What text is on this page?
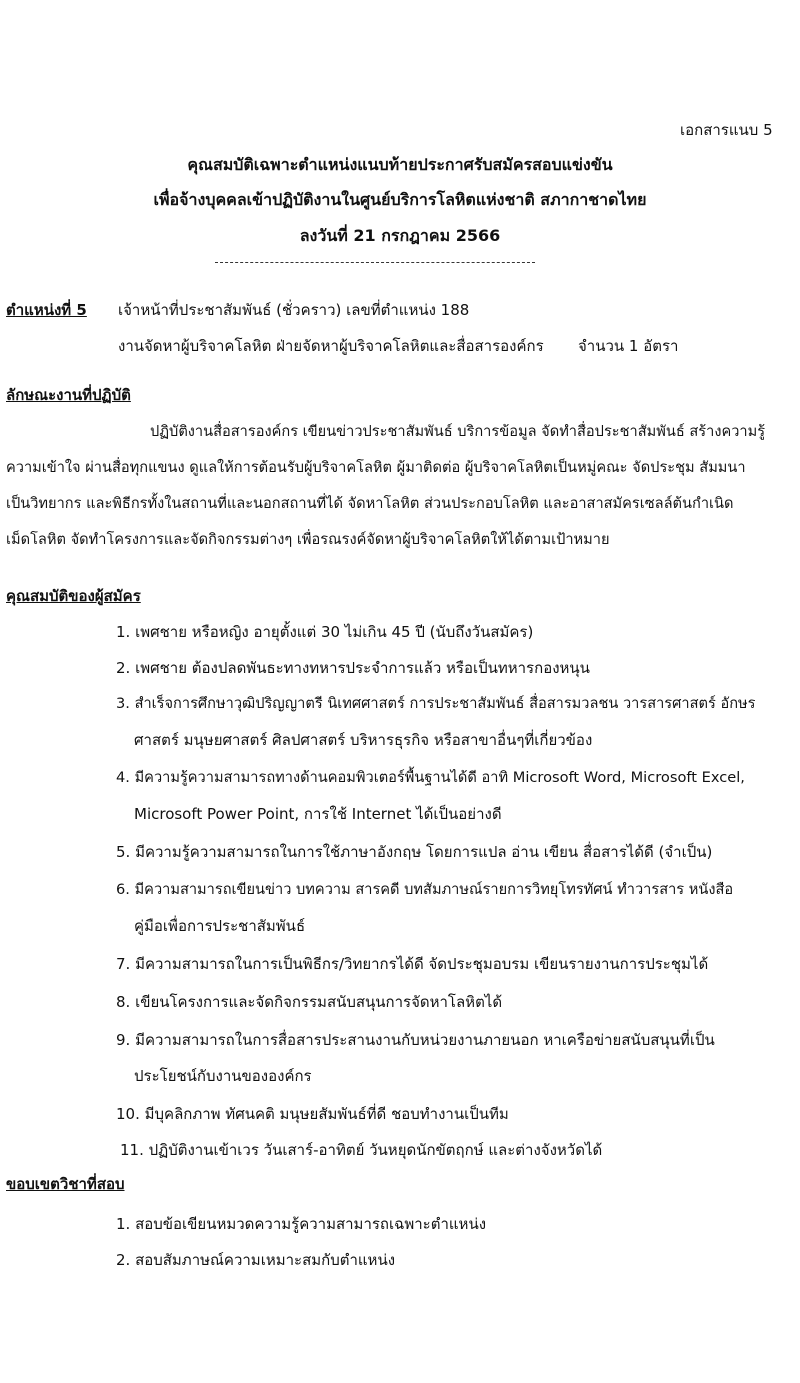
เอกสารแนบ 5
คุณสมบัติเฉพาะตำแหน่งแนบท้ายประกาศรับสมัครสอบแข่งขัน
เพื่อจ้างบุคคลเข้าปฏิบัติงานในศูนย์บริการโลหิตแห่งชาติ สภากาชาดไทย
ลงวันที่ 21 กรกฎาคม 2566
ตำแหน่งที่ 5 เจ้าหน้าที่ประชาสัมพันธ์ (ชั่วคราว) เลขที่ตำแหน่ง 188
งานจัดหาผู้บริจาคโลหิต ฝ่ายจัดหาผู้บริจาคโลหิตและสื่อสารองค์กร จำนวน 1 อัตรา
ลักษณะงานที่ปฏิบัติ
ปฏิบัติงานสื่อสารองค์กร เขียนข่าวประชาสัมพันธ์ บริการข้อมูล จัดทำสื่อประชาสัมพันธ์ สร้างความรู้
ความเข้าใจ ผ่านสื่อทุกแขนง ดูแลให้การต้อนรับผู้บริจาคโลหิต ผู้มาติดต่อ ผู้บริจาคโลหิตเป็นหมู่คณะ จัดประชุม สัมมนา
เป็นวิทยากร และพิธีกรทั้งในสถานที่และนอกสถานที่ได้ จัดหาโลหิต ส่วนประกอบโลหิต และอาสาสมัครเซลล์ต้นกำเนิด
เม็ดโลหิต จัดทำโครงการและจัดกิจกรรมต่างๆ เพื่อรณรงค์จัดหาผู้บริจาคโลหิตให้ได้ตามเป้าหมาย
คุณสมบัติของผู้สมัคร
1. เพศชาย หรือหญิง อายุตั้งแต่ 30 ไม่เกิน 45 ปี (นับถึงวันสมัคร)
2. เพศชาย ต้องปลดพันธะทางทหารประจำการแล้ว หรือเป็นทหารกองหนุน
3. สำเร็จการศึกษาวุฒิปริญญาตรี นิเทศศาสตร์ การประชาสัมพันธ์ สื่อสารมวลชน วารสารศาสตร์ อักษร
ศาสตร์ มนุษยศาสตร์ ศิลปศาสตร์ บริหารธุรกิจ หรือสาขาอื่นๆที่เกี่ยวข้อง
4. มีความรู้ความสามารถทางด้านคอมพิวเตอร์พื้นฐานได้ดี อาทิ Microsoft Word, Microsoft Excel,
Microsoft Power Point, การใช้ Internet ได้เป็นอย่างดี
5. มีความรู้ความสามารถในการใช้ภาษาอังกฤษ โดยการแปล อ่าน เขียน สื่อสารได้ดี (จำเป็น)
6. มีความสามารถเขียนข่าว บทความ สารคดี บทสัมภาษณ์รายการวิทยุโทรทัศน์ ทำวารสาร หนังสือ
คู่มือเพื่อการประชาสัมพันธ์
7. มีความสามารถในการเป็นพิธีกร/วิทยากรได้ดี จัดประชุมอบรม เขียนรายงานการประชุมได้
8. เขียนโครงการและจัดกิจกรรมสนับสนุนการจัดหาโลหิตได้
9. มีความสามารถในการสื่อสารประสานงานกับหน่วยงานภายนอก หาเครือข่ายสนับสนุนที่เป็น
ประโยชน์กับงานขององค์กร
10. มีบุคลิกภาพ ทัศนคติ มนุษยสัมพันธ์ที่ดี ชอบทำงานเป็นทีม
11. ปฏิบัติงานเข้าเวร วันเสาร์-อาทิตย์ วันหยุดนักขัตฤกษ์ และต่างจังหวัดได้
ขอบเขตวิชาที่สอบ
1. สอบข้อเขียนหมวดความรู้ความสามารถเฉพาะตำแหน่ง
2. สอบสัมภาษณ์ความเหมาะสมกับตำแหน่ง
